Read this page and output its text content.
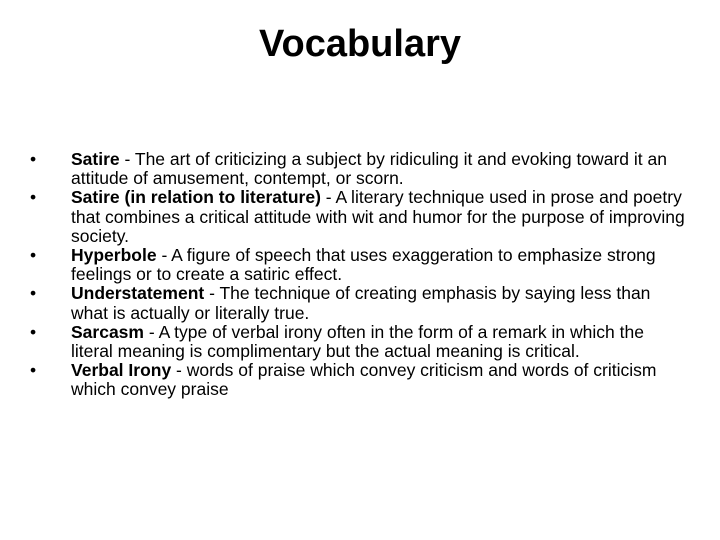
Vocabulary
•	Satire - The art of criticizing a subject by ridiculing it and evoking toward it an attitude of amusement, contempt, or scorn.
•	Satire (in relation to literature) - A literary technique used in prose and poetry that combines a critical attitude with wit and humor for the purpose of improving society.
•	Hyperbole - A figure of speech that uses exaggeration to emphasize strong feelings or to create a satiric effect.
•	Understatement - The technique of creating emphasis by saying less than what is actually or literally true.
•	Sarcasm - A type of verbal irony often in the form of a remark in which the literal meaning is complimentary but the actual meaning is critical.
•	Verbal Irony - words of praise which convey criticism and words of criticism which convey praise
